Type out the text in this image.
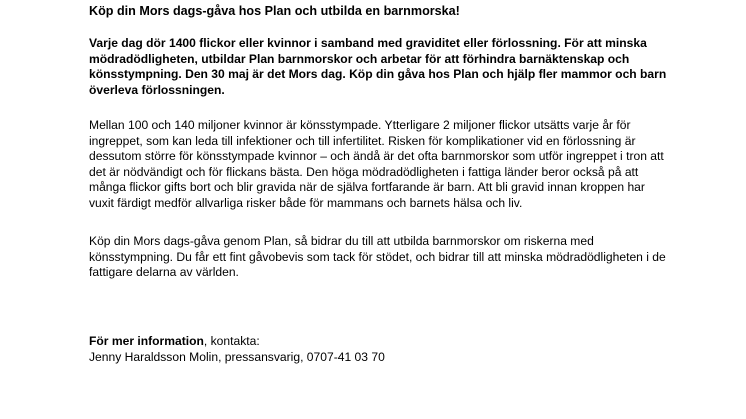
Köp din Mors dags-gåva hos Plan och utbilda en barnmorska!

Varje dag dör 1400 flickor eller kvinnor i samband med graviditet eller förlossning. För att minska mödradödligheten, utbildar Plan barnmorskor och arbetar för att förhindra barnäktenskap och könsstympning. Den 30 maj är det Mors dag. Köp din gåva hos Plan och hjälp fler mammor och barn överleva förlossningen.

Mellan 100 och 140 miljoner kvinnor är könsstympade. Ytterligare 2 miljoner flickor utsätts varje år för ingreppet, som kan leda till infektioner och till infertilitet. Risken för komplikationer vid en förlossning är dessutom större för könsstympade kvinnor – och ändå är det ofta barnmorskor som utför ingreppet i tron att det är nödvändigt och för flickans bästa. Den höga mödradödligheten i fattiga länder beror också på att många flickor gifts bort och blir gravida när de själva fortfarande är barn. Att bli gravid innan kroppen har vuxit färdigt medför allvarliga risker både för mammans och barnets hälsa och liv.

Köp din Mors dags-gåva genom Plan, så bidrar du till att utbilda barnmorskor om riskerna med könsstympning. Du får ett fint gåvobevis som tack för stödet, och bidrar till att minska mödradödligheten i de fattigare delarna av världen.

För mer information, kontakta:
Jenny Haraldsson Molin, pressansvarig, 0707-41 03 70
